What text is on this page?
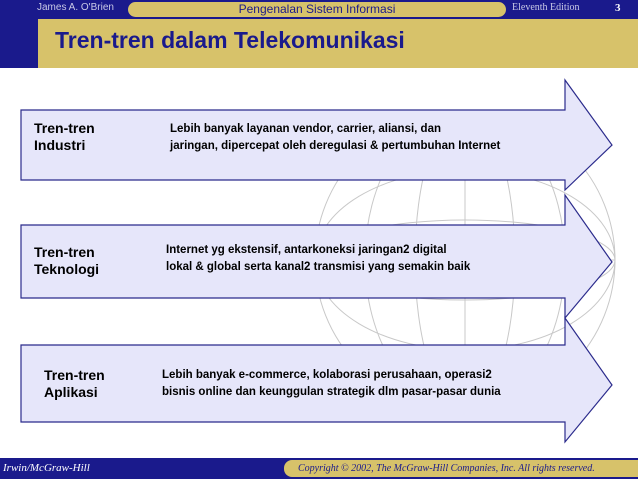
James A. O'Brien	Pengenalan Sistem Informasi	Eleventh Edition	3
Tren-tren dalam Telekomunikasi
Tren-tren
Industri
Lebih banyak layanan vendor, carrier, aliansi, dan
jaringan, dipercepat oleh deregulasi & pertumbuhan Internet
Tren-tren
Teknologi
Internet yg ekstensif, antarkoneksi jaringan2 digital
lokal & global serta kanal2 transmisi yang semakin baik
Tren-tren
Aplikasi
Lebih banyak e-commerce, kolaborasi perusahaan, operasi2
bisnis online dan keunggulan strategik dlm pasar-pasar dunia
Irwin/McGraw-Hill	Copyright © 2002, The McGraw-Hill Companies, Inc. All rights reserved.
